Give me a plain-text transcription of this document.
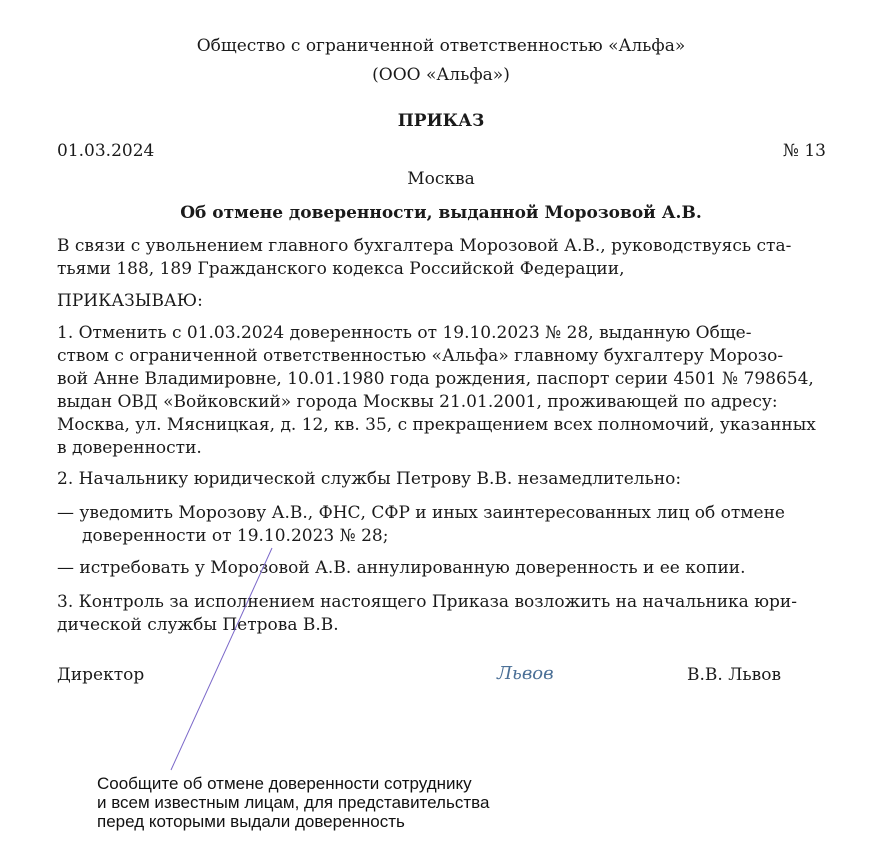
Общество с ограниченной ответственностью «Альфа»
(ООО «Альфа»)
ПРИКАЗ
01.03.2024	№ 13
Москва
Об отмене доверенности, выданной Морозовой А.В.
В связи с увольнением главного бухгалтера Морозовой А.В., руководствуясь ста-
тьями 188, 189 Гражданского кодекса Российской Федерации,
ПРИКАЗЫВАЮ:
1. Отменить с 01.03.2024 доверенность от 19.10.2023 № 28, выданную Обще-
ством с ограниченной ответственностью «Альфа» главному бухгалтеру Морозо-
вой Анне Владимировне, 10.01.1980 года рождения, паспорт серии 4501 № 798654,
выдан ОВД «Войковский» города Москвы 21.01.2001, проживающей по адресу:
Москва, ул. Мясницкая, д. 12, кв. 35, с прекращением всех полномочий, указанных
в доверенности.
2. Начальнику юридической службы Петрову В.В. незамедлительно:
— уведомить Морозову А.В., ФНС, СФР и иных заинтересованных лиц об отмене
доверенности от 19.10.2023 № 28;
— истребовать у Морозовой А.В. аннулированную доверенность и ее копии.
3. Контроль за исполнением настоящего Приказа возложить на начальника юри-
дической службы Петрова В.В.
Директор	Львов	В.В. Львов
Сообщите об отмене доверенности сотруднику
и всем известным лицам, для представительства
перед которыми выдали доверенность
